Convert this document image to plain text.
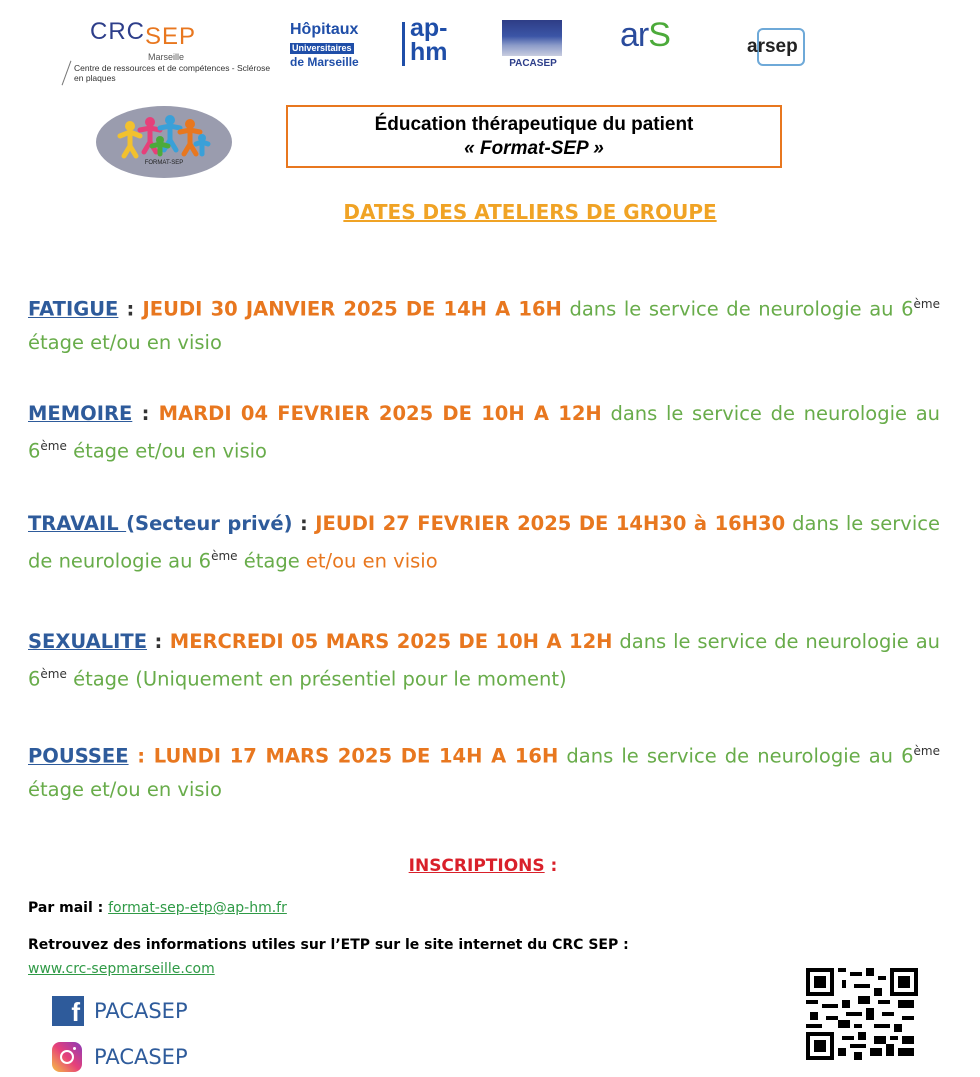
CRCSEP
Marseille
Centre de ressources et de compétences - Sclérose en plaques
Hôpitaux
Universitaires
de Marseille
ap-
hm	PACASEP
arS	arsep
FORMAT-SEP
Éducation thérapeutique du patient
« Format-SEP »
DATES DES ATELIERS DE GROUPE
FATIGUE : JEUDI 30 JANVIER 2025 DE 14H A 16H dans le service de neurologie au 6ème étage et/ou en visio
MEMOIRE : MARDI 04 FEVRIER 2025 DE 10H A 12H dans le service de neurologie au 6ème étage et/ou en visio
TRAVAIL (Secteur privé) : JEUDI 27 FEVRIER 2025 DE 14H30 à 16H30 dans le service de neurologie au 6ème étage et/ou en visio
SEXUALITE : MERCREDI 05 MARS 2025 DE 10H A 12H dans le service de neurologie au 6ème étage (Uniquement en présentiel pour le moment)
POUSSEE : LUNDI 17 MARS 2025 DE 14H A 16H dans le service de neurologie au 6ème étage et/ou en visio
INSCRIPTIONS :
Par mail : format-sep-etp@ap-hm.fr
Retrouvez des informations utiles sur l’ETP sur le site internet du CRC SEP :
www.crc-sepmarseille.com
f PACASEP
PACASEP
